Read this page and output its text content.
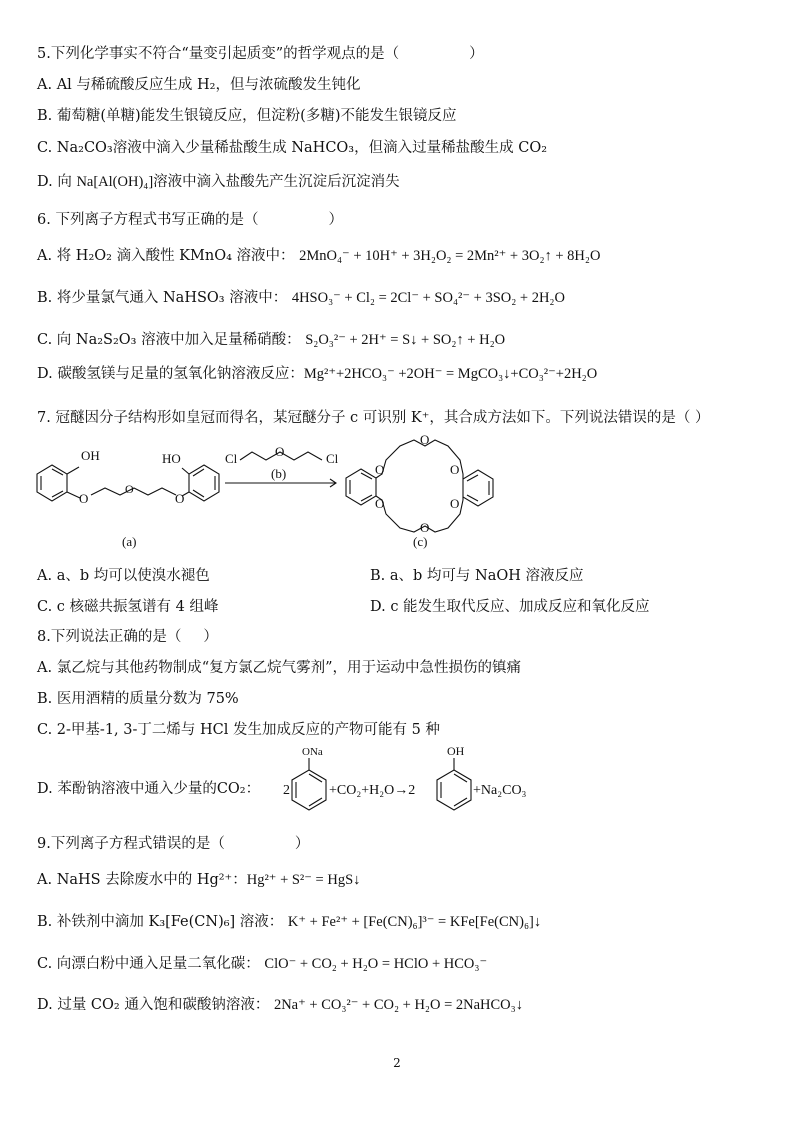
5.下列化学事实不符合“量变引起质变”的哲学观点的是（	）
A. Al 与稀硫酸反应生成 H₂，但与浓硫酸发生钝化
B. 葡萄糖(单糖)能发生银镜反应，但淀粉(多糖)不能发生银镜反应
C. Na₂CO₃溶液中滴入少量稀盐酸生成 NaHCO₃，但滴入过量稀盐酸生成 CO₂
D. 向 Na[Al(OH)₄]溶液中滴入盐酸先产生沉淀后沉淀消失
6. 下列离子方程式书写正确的是（	）
A. 将 H₂O₂ 滴入酸性 KMnO₄ 溶液中： 2MnO₄⁻ + 10H⁺ + 3H₂O₂ = 2Mn²⁺ + 3O₂↑ + 8H₂O
B. 将少量氯气通入 NaHSO₃ 溶液中： 4HSO₃⁻ + Cl₂ = 2Cl⁻ + SO₄²⁻ + 3SO₂ + 2H₂O
C. 向 Na₂S₂O₃ 溶液中加入足量稀硝酸： S₂O₃²⁻ + 2H⁺ = S↓ + SO₂↑ + H₂O
D. 碳酸氢镁与足量的氢氧化钠溶液反应：Mg²⁺+2HCO₃⁻ +2OH⁻ = MgCO₃↓+CO₃²⁻+2H₂O
7. 冠醚因分子结构形如皇冠而得名，某冠醚分子 c 可识别 K⁺，其合成方法如下。下列说法错误的是（ ）
OH
O
O
O
HO	Cl	O	Cl
(b)	O
O
O
O
O
O
(a)	(c)
A. a、b 均可以使溴水褪色	B. a、b 均可与 NaOH 溶液反应
C. c 核磁共振氢谱有 4 组峰	D. c 能发生取代反应、加成反应和氧化反应
8.下列说法正确的是（ ）
A. 氯乙烷与其他药物制成“复方氯乙烷气雾剂”，用于运动中急性损伤的镇痛
B. 医用酒精的质量分数为 75%
C. 2-甲基-1, 3-丁二烯与 HCl 发生加成反应的产物可能有 5 种
D. 苯酚钠溶液中通入少量的CO₂：
ONa	OH
2	+CO₂+H₂O→2	+Na₂CO₃
9.下列离子方程式错误的是（	）
A. NaHS 去除废水中的 Hg²⁺：Hg²⁺ + S²⁻ = HgS↓
B. 补铁剂中滴加 K₃[Fe(CN)₆] 溶液： K⁺ + Fe²⁺ + [Fe(CN)₆]³⁻ = KFe[Fe(CN)₆]↓
C. 向漂白粉中通入足量二氧化碳： ClO⁻ + CO₂ + H₂O = HClO + HCO₃⁻
D. 过量 CO₂ 通入饱和碳酸钠溶液： 2Na⁺ + CO₃²⁻ + CO₂ + H₂O = 2NaHCO₃↓
2
